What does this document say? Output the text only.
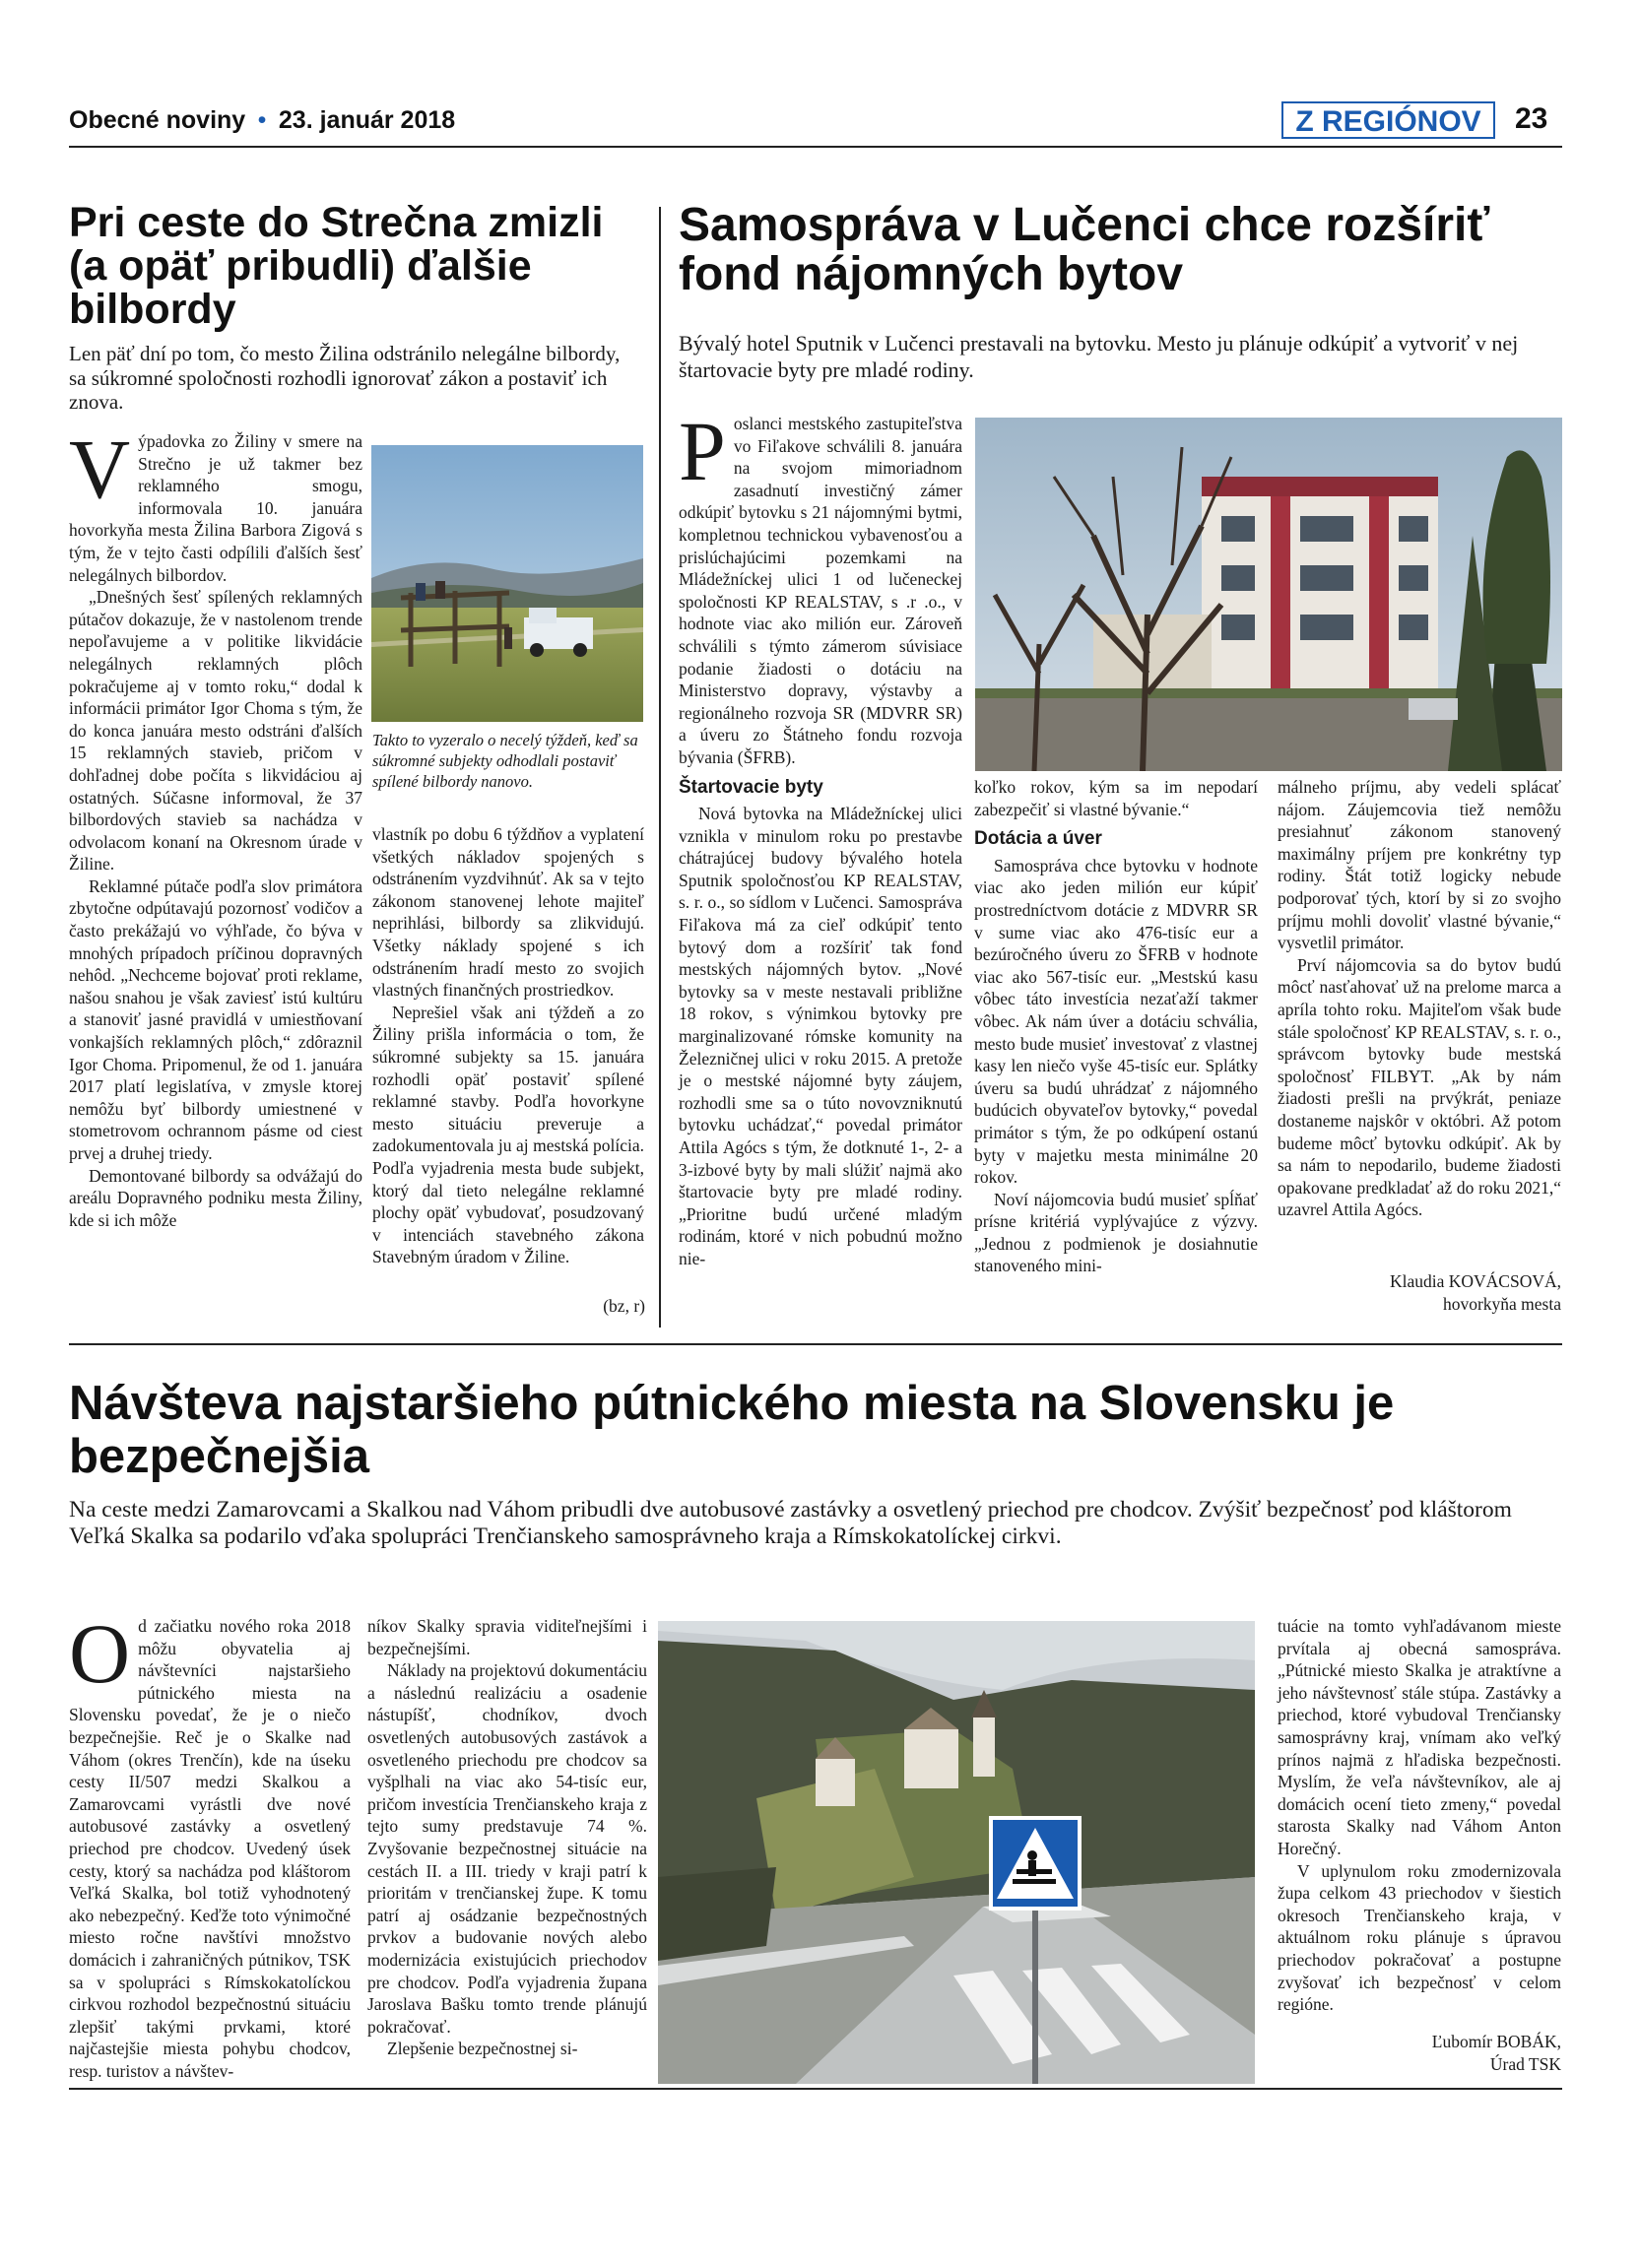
Obecné noviny • 23. január 2018	Z REGIÓNOV	23
Pri ceste do Strečna zmizli (a opäť pribudli) ďalšie bilbordy
Len päť dní po tom, čo mesto Žilina odstránilo nelegálne bilbordy, sa súkromné spoločnosti rozhodli ignorovať zákon a postaviť ich znova.
V ýpadovka zo Žiliny v smere na Strečno je už takmer bez reklamného smogu, informovala 10. januára hovorkyňa mesta Žilina Barbora Zigová s tým, že v tejto časti odpílili ďalších šesť nelegálnych bilbordov.

„Dnešných šesť spílených reklamných pútačov dokazuje, že v nastolenom trende nepoľavujeme a v politike likvidácie nelegálnych reklamných plôch pokračujeme aj v tomto roku,“ dodal k informácii primátor Igor Choma s tým, že do konca januára mesto odstráni ďalších 15 reklamných stavieb, pričom v dohľadnej dobe počíta s likvidáciou aj ostatných. Súčasne informoval, že 37 bilbordových stavieb sa nachádza v odvolacom konaní na Okresnom úrade v Žiline.

Reklamné pútače podľa slov primátora zbytočne odpútavajú pozornosť vodičov a často prekážajú vo výhľade, čo býva v mnohých prípadoch príčinou dopravných nehôd. „Nechceme bojovať proti reklame, našou snahou je však zaviesť istú kultúru a stanoviť jasné pravidlá v umiestňovaní vonkajších reklamných plôch,“ zdôraznil Igor Choma. Pripomenul, že od 1. januára 2017 platí legislatíva, v zmysle ktorej nemôžu byť bilbordy umiestnené v stometrovom ochrannom pásme od ciest prvej a druhej triedy.

Demontované bilbordy sa odvážajú do areálu Dopravného podniku mesta Žiliny, kde si ich môže

Takto to vyzeralo o necelý týždeň, keď sa súkromné subjekty odhodlali postaviť spílené bilbordy nanovo.

vlastník po dobu 6 týždňov a vyplatení všetkých nákladov spojených s odstránením vyzdvihnúť. Ak sa v tejto zákonom stanovenej lehote majiteľ neprihlási, bilbordy sa zlikvidujú. Všetky náklady spojené s ich odstránením hradí mesto zo svojich vlastných finančných prostriedkov.

Neprešiel však ani týždeň a zo Žiliny prišla informácia o tom, že súkromné subjekty sa 15. januára rozhodli opäť postaviť spílené reklamné stavby. Podľa hovorkyne mesto situáciu preveruje a zadokumentovala ju aj mestská polícia. Podľa vyjadrenia mesta bude subjekt, ktorý dal tieto nelegálne reklamné plochy opäť vybudovať, posudzovaný v intenciách stavebného zákona Stavebným úradom v Žiline.

(bz, r)
Samospráva v Lučenci chce rozšíriť fond nájomných bytov
Bývalý hotel Sputnik v Lučenci prestavali na bytovku. Mesto ju plánuje odkúpiť a vytvoriť v nej štartovacie byty pre mladé rodiny.
P oslanci mestského zastupiteľstva vo Fiľakove schválili 8. januára na svojom mimoriadnom zasadnutí investičný zámer odkúpiť bytovku s 21 nájomnými bytmi, kompletnou technickou vybavenosťou a prislúchajúcimi pozemkami na Mládežníckej ulici 1 od lučeneckej spoločnosti KP REALSTAV, s .r .o., v hodnote viac ako milión eur. Zároveň schválili s týmto zámerom súvisiace podanie žiadosti o dotáciu na Ministerstvo dopravy, výstavby a regionálneho rozvoja SR (MDVRR SR) a úveru zo Štátneho fondu rozvoja bývania (ŠFRB).

Štartovacie byty

Nová bytovka na Mládežníckej ulici vznikla v minulom roku po prestavbe chátrajúcej budovy bývalého hotela Sputnik spoločnosťou KP REALSTAV, s. r. o., so sídlom v Lučenci. Samospráva Fiľakova má za cieľ odkúpiť tento bytový dom a rozšíriť tak fond mestských nájomných bytov. „Nové bytovky sa v meste nestavali približne 18 rokov, s výnimkou bytovky pre marginalizované rómske komunity na Železničnej ulici v roku 2015. A pretože je o mestské nájomné byty záujem, rozhodli sme sa o túto novovzniknutú bytovku uchádzať,“ povedal primátor Attila Agócs s tým, že dotknuté 1-, 2- a 3-izbové byty by mali slúžiť najmä ako štartovacie byty pre mladé rodiny. „Prioritne budú určené mladým rodinám, ktoré v nich pobudnú možno nie-

koľko rokov, kým sa im nepodarí zabezpečiť si vlastné bývanie.“

Dotácia a úver

Samospráva chce bytovku v hodnote viac ako jeden milión eur kúpiť prostredníctvom dotácie z MDVRR SR v sume viac ako 476-tisíc eur a bezúročného úveru zo ŠFRB v hodnote viac ako 567-tisíc eur. „Mestskú kasu vôbec táto investícia nezaťaží takmer vôbec. Ak nám úver a dotáciu schvália, mesto bude musieť investovať z vlastnej kasy len niečo vyše 45-tisíc eur. Splátky úveru sa budú uhrádzať z nájomného budúcich obyvateľov bytovky,“ povedal primátor s tým, že po odkúpení ostanú byty v majetku mesta minimálne 20 rokov.

Noví nájomcovia budú musieť spĺňať prísne kritériá vyplývajúce z výzvy. „Jednou z podmienok je dosiahnutie stanoveného mini-

málneho príjmu, aby vedeli splácať nájom. Záujemcovia tiež nemôžu presiahnuť zákonom stanovený maximálny príjem pre konkrétny typ rodiny. Štát totiž logicky nebude podporovať tých, ktorí by si zo svojho príjmu mohli dovoliť vlastné bývanie,“ vysvetlil primátor.

Prví nájomcovia sa do bytov budú môcť nasťahovať už na prelome marca a apríla tohto roku. Majiteľom však bude stále spoločnosť KP REALSTAV, s. r. o., správcom bytovky bude mestská spoločnosť FILBYT. „Ak by nám žiadosti prešli na prvýkrát, peniaze dostaneme najskôr v októbri. Až potom budeme môcť bytovku odkúpiť. Ak by sa nám to nepodarilo, budeme žiadosti opakovane predkladať až do roku 2021,“ uzavrel Attila Agócs.

Klaudia KOVÁCSOVÁ,
hovorkyňa mesta
Návšteva najstaršieho pútnického miesta na Slovensku je bezpečnejšia
Na ceste medzi Zamarovcami a Skalkou nad Váhom pribudli dve autobusové zastávky a osvetlený priechod pre chodcov. Zvýšiť bezpečnosť pod kláštorom Veľká Skalka sa podarilo vďaka spolupráci Trenčianskeho samosprávneho kraja a Rímskokatolíckej cirkvi.
O d začiatku nového roka 2018 môžu obyvatelia aj návštevníci najstaršieho pútnického miesta na Slovensku povedať, že je o niečo bezpečnejšie. Reč je o Skalke nad Váhom (okres Trenčín), kde na úseku cesty II/507 medzi Skalkou a Zamarovcami vyrástli dve nové autobusové zastávky a osvetlený priechod pre chodcov. Uvedený úsek cesty, ktorý sa nachádza pod kláštorom Veľká Skalka, bol totiž vyhodnotený ako nebezpečný. Keďže toto výnimočné miesto ročne navštívi množstvo domácich i zahraničných pútnikov, TSK sa v spolupráci s Rímskokatolíckou cirkvou rozhodol bezpečnostnú situáciu zlepšiť takými prvkami, ktoré najčastejšie miesta pohybu chodcov, resp. turistov a návštev-

níkov Skalky spravia viditeľnejšími i bezpečnejšími.

Náklady na projektovú dokumentáciu a následnú realizáciu a osadenie nástupíšť, chodníkov, dvoch osvetlených autobusových zastávok a osvetleného priechodu pre chodcov sa vyšplhali na viac ako 54-tisíc eur, pričom investícia Trenčianskeho kraja z tejto sumy predstavuje 74 %. Zvyšovanie bezpečnostnej situácie na cestách II. a III. triedy v kraji patrí k prioritám v trenčianskej župe. K tomu patrí aj osádzanie bezpečnostných prvkov a budovanie nových alebo modernizácia existujúcich priechodov pre chodcov. Podľa vyjadrenia župana Jaroslava Bašku tomto trende plánujú pokračovať.

Zlepšenie bezpečnostnej si-

tuácie na tomto vyhľadávanom mieste prvítala aj obecná samospráva. „Pútnické miesto Skalka je atraktívne a jeho návštevnosť stále stúpa. Zastávky a priechod, ktoré vybudoval Trenčiansky samosprávny kraj, vnímam ako veľký prínos najmä z hľadiska bezpečnosti. Myslím, že veľa návštevníkov, ale aj domácich ocení tieto zmeny,“ povedal starosta Skalky nad Váhom Anton Horečný.

V uplynulom roku zmodernizovala župa celkom 43 priechodov v šiestich okresoch Trenčianskeho kraja, v aktuálnom roku plánuje s úpravou priechodov pokračovať a postupne zvyšovať ich bezpečnosť v celom regióne.

Ľubomír BOBÁK,
Úrad TSK
